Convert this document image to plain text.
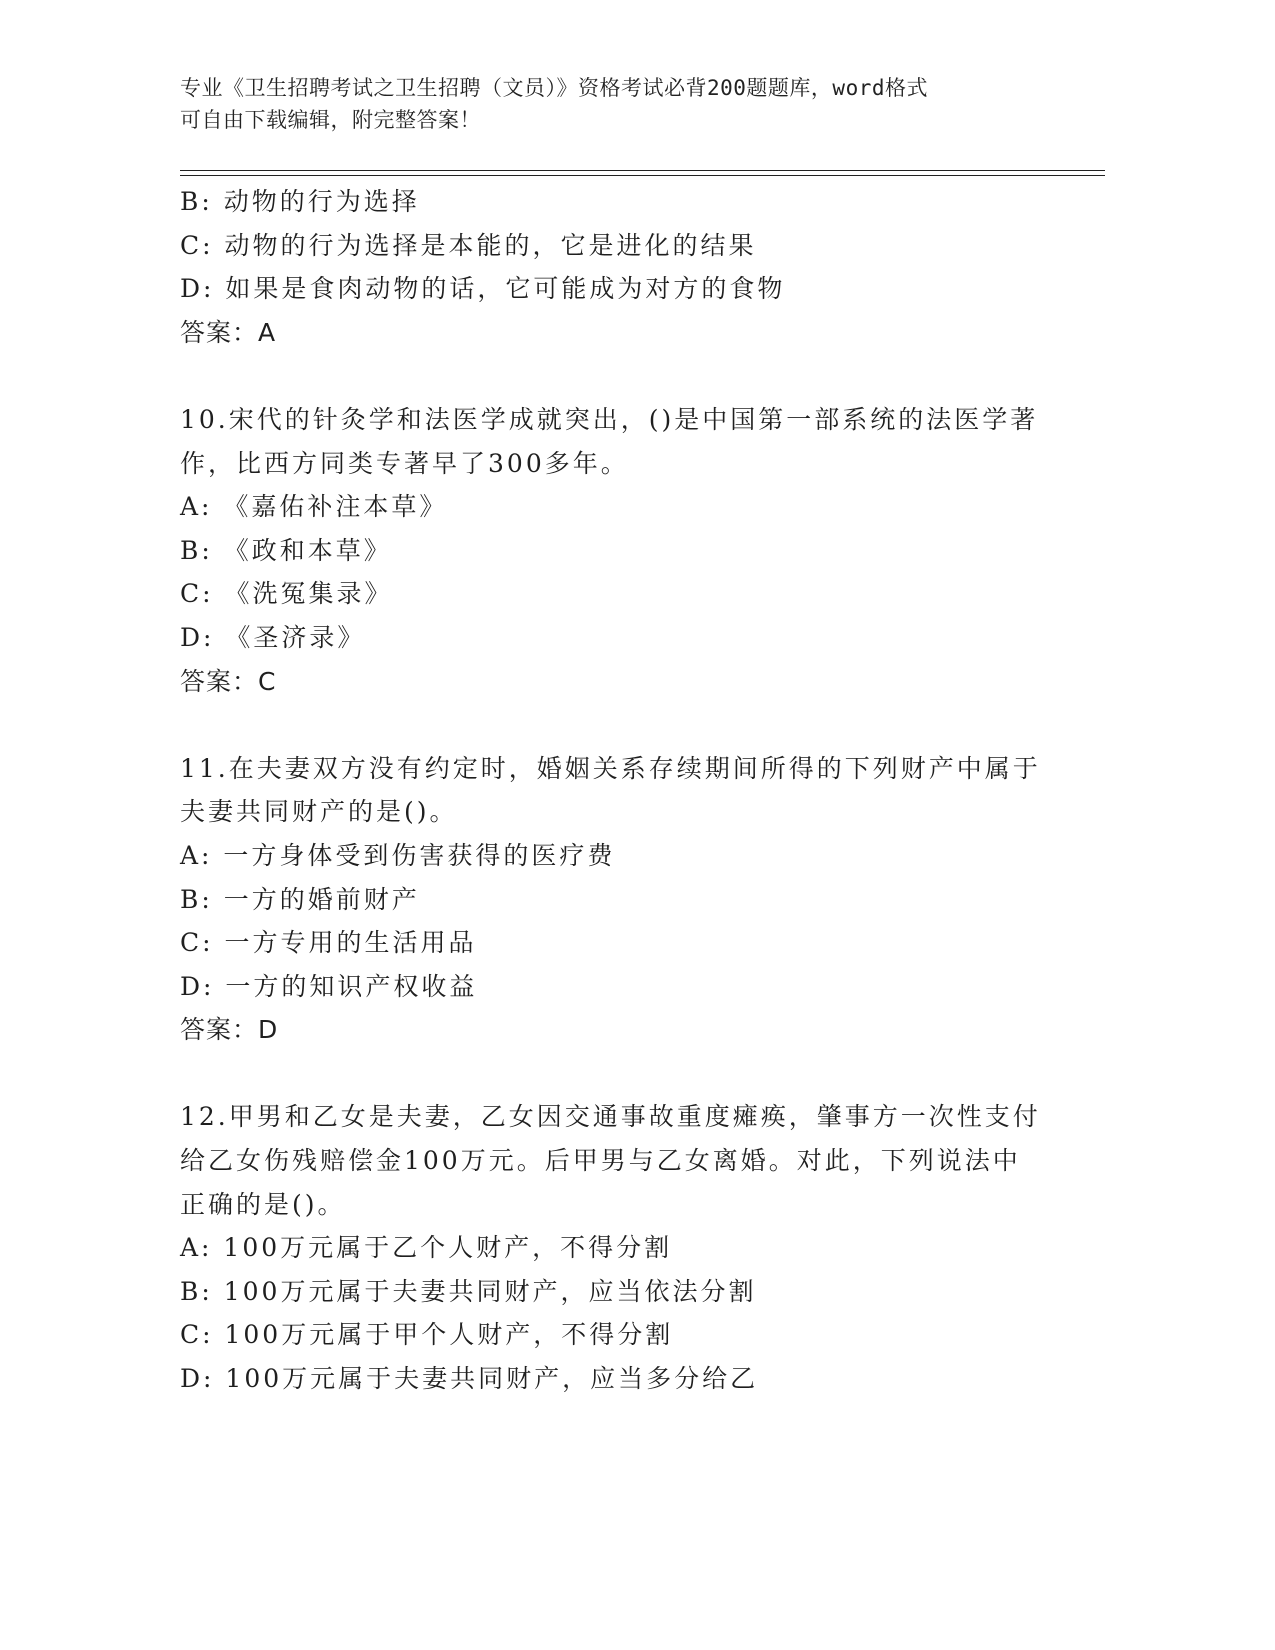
专业《卫生招聘考试之卫生招聘（文员）》资格考试必背200题题库，word格式
可自由下载编辑，附完整答案！
B: 动物的行为选择
C: 动物的行为选择是本能的，它是进化的结果
D: 如果是食肉动物的话，它可能成为对方的食物
答案：A
10.宋代的针灸学和法医学成就突出，()是中国第一部系统的法医学著
作，比西方同类专著早了300多年。
A: 《嘉佑补注本草》
B: 《政和本草》
C: 《洗冤集录》
D: 《圣济录》
答案：C
11.在夫妻双方没有约定时，婚姻关系存续期间所得的下列财产中属于
夫妻共同财产的是()。
A: 一方身体受到伤害获得的医疗费
B: 一方的婚前财产
C: 一方专用的生活用品
D: 一方的知识产权收益
答案：D
12.甲男和乙女是夫妻，乙女因交通事故重度瘫痪，肇事方一次性支付
给乙女伤残赔偿金100万元。后甲男与乙女离婚。对此，下列说法中
正确的是()。
A: 100万元属于乙个人财产，不得分割
B: 100万元属于夫妻共同财产，应当依法分割
C: 100万元属于甲个人财产，不得分割
D: 100万元属于夫妻共同财产，应当多分给乙
